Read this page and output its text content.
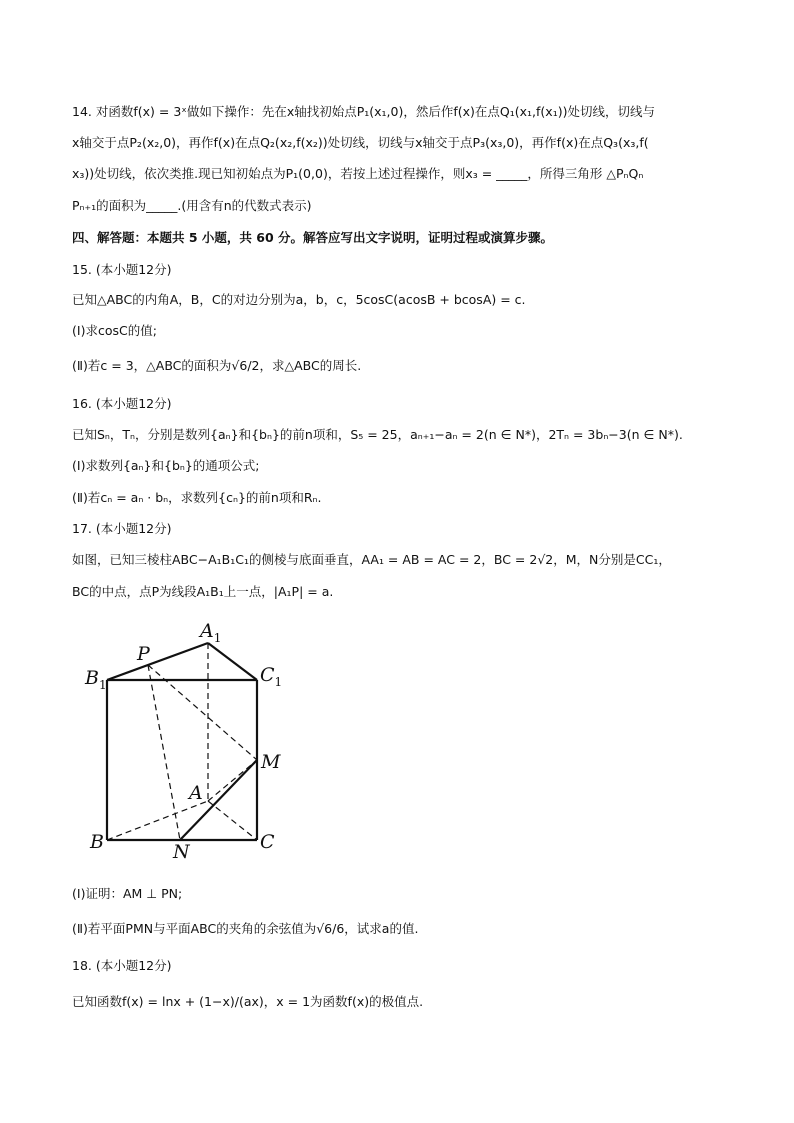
14. 对函数f(x) = 3ˣ做如下操作：先在x轴找初始点P₁(x₁,0)，然后作f(x)在点Q₁(x₁,f(x₁))处切线，切线与
x轴交于点P₂(x₂,0)，再作f(x)在点Q₂(x₂,f(x₂))处切线，切线与x轴交于点P₃(x₃,0)，再作f(x)在点Q₃(x₃,f(
x₃))处切线，依次类推.现已知初始点为P₁(0,0)，若按上述过程操作，则x₃ = _____，所得三角形 △PₙQₙ
Pₙ₊₁的面积为_____.(用含有n的代数式表示)
四、解答题：本题共 5 小题，共 60 分。解答应写出文字说明，证明过程或演算步骤。
15. (本小题12分)
已知△ABC的内角A，B，C的对边分别为a，b，c，5cosC(acosB + bcosA) = c.
(Ⅰ)求cosC的值;
(Ⅱ)若c = 3，△ABC的面积为√6/2，求△ABC的周长.
16. (本小题12分)
已知Sₙ，Tₙ，分别是数列{aₙ}和{bₙ}的前n项和，S₅ = 25，aₙ₊₁−aₙ = 2(n ∈ N*)，2Tₙ = 3bₙ−3(n ∈ N*).
(Ⅰ)求数列{aₙ}和{bₙ}的通项公式;
(Ⅱ)若cₙ = aₙ · bₙ，求数列{cₙ}的前n项和Rₙ.
17. (本小题12分)
如图，已知三棱柱ABC−A₁B₁C₁的侧棱与底面垂直，AA₁ = AB = AC = 2，BC = 2√2，M，N分别是CC₁，
BC的中点，点P为线段A₁B₁上一点，|A₁P| = a.
$A_1$
P
$B_1$	$C_1$
M
A
B	N	C
(Ⅰ)证明：AM ⊥ PN;
(Ⅱ)若平面PMN与平面ABC的夹角的余弦值为√6/6，试求a的值.
18. (本小题12分)
已知函数f(x) = lnx + (1−x)/(ax)，x = 1为函数f(x)的极值点.
